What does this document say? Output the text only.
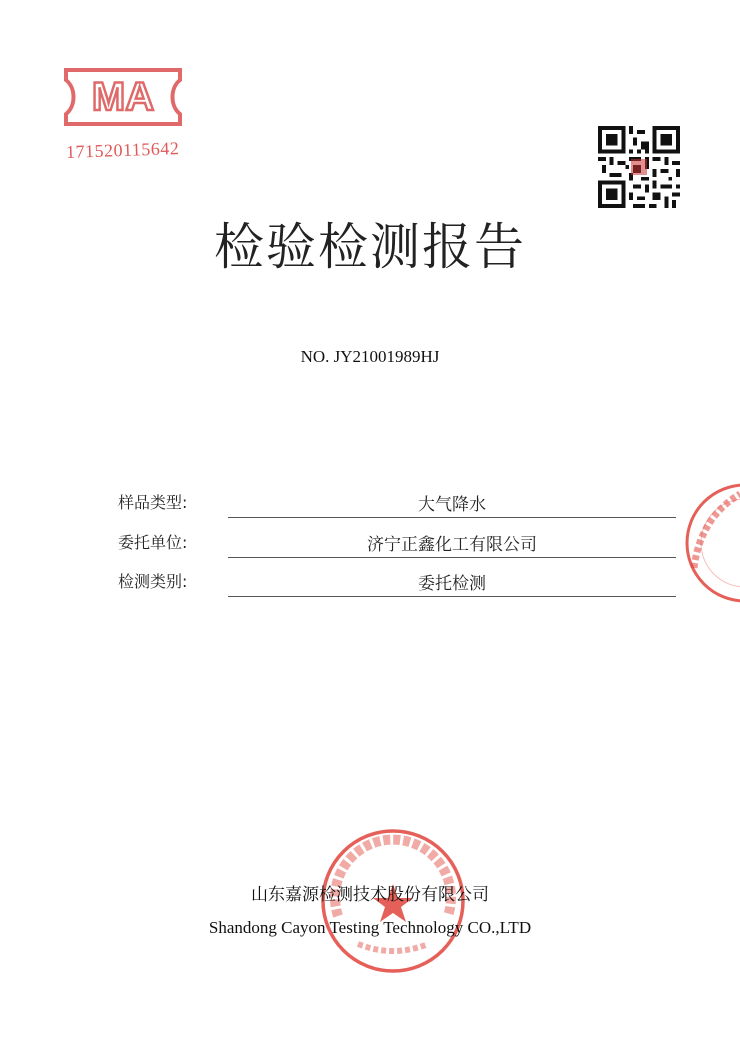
MA
171520115642
检验检测报告
NO. JY21001989HJ
样品类型:	大气降水
委托单位:	济宁正鑫化工有限公司
检测类别:	委托检测
山东嘉源检测技术股份有限公司
Shandong Cayon Testing Technology CO.,LTD
